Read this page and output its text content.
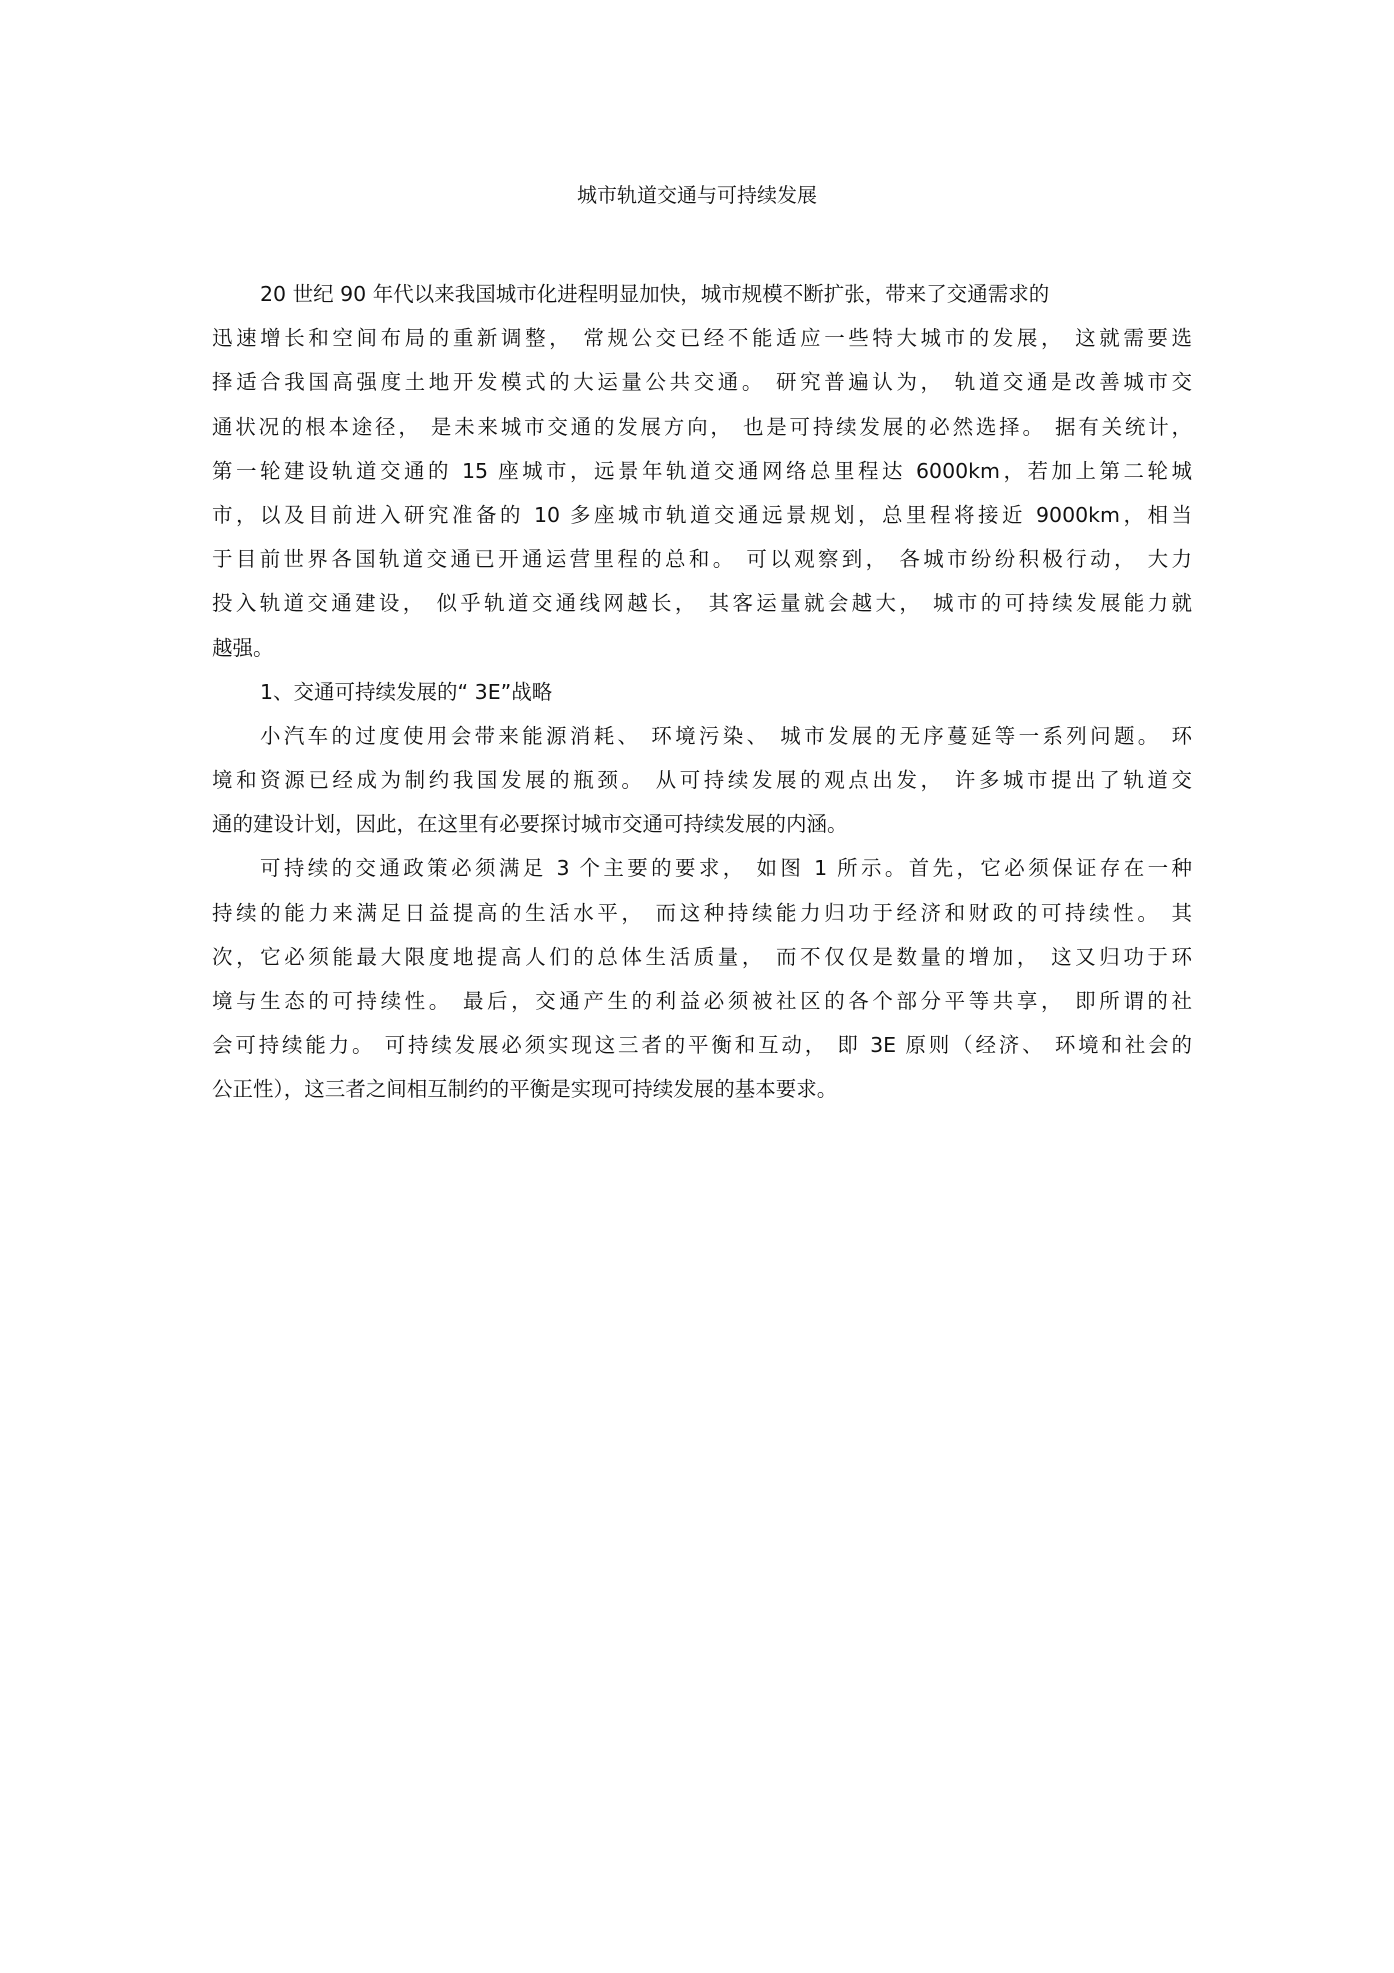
城市轨道交通与可持续发展
20 世纪 90 年代以来我国城市化进程明显加快，城市规模不断扩张，带来了交通需求的
迅速增长和空间布局的重新调整， 常规公交已经不能适应一些特大城市的发展， 这就需要选
择适合我国高强度土地开发模式的大运量公共交通。 研究普遍认为， 轨道交通是改善城市交
通状况的根本途径， 是未来城市交通的发展方向， 也是可持续发展的必然选择。 据有关统计，
第一轮建设轨道交通的 15 座城市，远景年轨道交通网络总里程达 6000km，若加上第二轮城
市，以及目前进入研究准备的 10 多座城市轨道交通远景规划，总里程将接近 9000km，相当
于目前世界各国轨道交通已开通运营里程的总和。 可以观察到， 各城市纷纷积极行动， 大力
投入轨道交通建设， 似乎轨道交通线网越长， 其客运量就会越大， 城市的可持续发展能力就
越强。
1、交通可持续发展的“ 3E”战略
小汽车的过度使用会带来能源消耗、 环境污染、 城市发展的无序蔓延等一系列问题。 环
境和资源已经成为制约我国发展的瓶颈。 从可持续发展的观点出发， 许多城市提出了轨道交
通的建设计划，因此，在这里有必要探讨城市交通可持续发展的内涵。
可持续的交通政策必须满足 3 个主要的要求， 如图 1 所示。首先，它必须保证存在一种
持续的能力来满足日益提高的生活水平， 而这种持续能力归功于经济和财政的可持续性。 其
次，它必须能最大限度地提高人们的总体生活质量， 而不仅仅是数量的增加， 这又归功于环
境与生态的可持续性。 最后，交通产生的利益必须被社区的各个部分平等共享， 即所谓的社
会可持续能力。 可持续发展必须实现这三者的平衡和互动， 即 3E 原则（经济、 环境和社会的
公正性），这三者之间相互制约的平衡是实现可持续发展的基本要求。
